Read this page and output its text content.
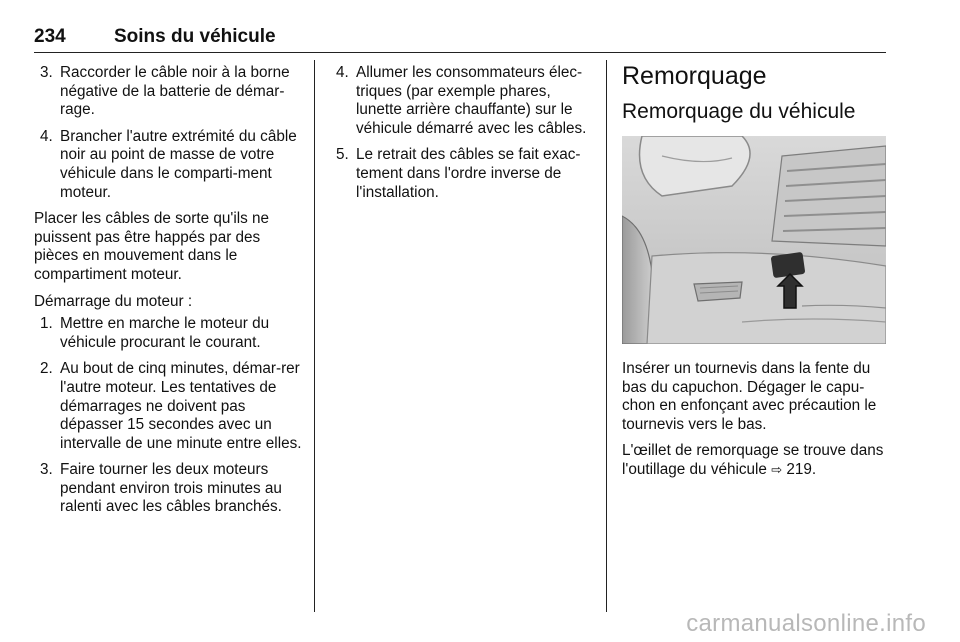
234	Soins du véhicule
3. Raccorder le câble noir à la borne négative de la batterie de démar-rage.
4. Brancher l'autre extrémité du câble noir au point de masse de votre véhicule dans le comparti-ment moteur.

Placer les câbles de sorte qu'ils ne puissent pas être happés par des pièces en mouvement dans le compartiment moteur.

Démarrage du moteur :

1. Mettre en marche le moteur du véhicule procurant le courant.
2. Au bout de cinq minutes, démar-rer l'autre moteur. Les tentatives de démarrages ne doivent pas dépasser 15 secondes avec un intervalle de une minute entre elles.
3. Faire tourner les deux moteurs pendant environ trois minutes au ralenti avec les câbles branchés.
4. Allumer les consommateurs élec-triques (par exemple phares, lunette arrière chauffante) sur le véhicule démarré avec les câbles.
5. Le retrait des câbles se fait exac-tement dans l'ordre inverse de l'installation.
Remorquage
Remorquage du véhicule

Insérer un tournevis dans la fente du bas du capuchon. Dégager le capu-chon en enfonçant avec précaution le tournevis vers le bas.

L'œillet de remorquage se trouve dans l'outillage du véhicule ⇨ 219.

carmanualsonline.info
